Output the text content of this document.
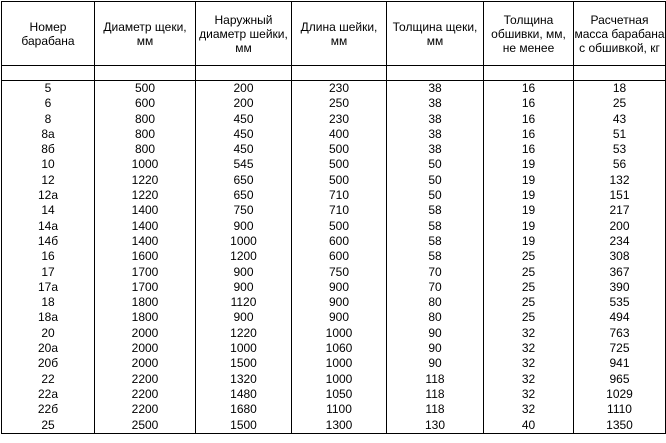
Номер барабана	Диаметр щеки, мм	Наружный диаметр шейки, мм	Длина шейки, мм	Толщина щеки, мм	Толщина обшивки, мм, не менее	Расчетная масса барабана с обшивкой, кг

5	500	200	230	38	16	18
6	600	200	250	38	16	25
8	800	450	230	38	16	43
8а	800	450	400	38	16	51
8б	800	450	500	38	16	53
10	1000	545	500	50	19	56
12	1220	650	500	50	19	132
12а	1220	650	710	50	19	151
14	1400	750	710	58	19	217
14а	1400	900	500	58	19	200
14б	1400	1000	600	58	19	234
16	1600	1200	600	58	25	308
17	1700	900	750	70	25	367
17а	1700	900	900	70	25	390
18	1800	1120	900	80	25	535
18а	1800	900	900	80	25	494
20	2000	1220	1000	90	32	763
20а	2000	1000	1060	90	32	725
20б	2000	1500	1000	90	32	941
22	2200	1320	1000	118	32	965
22а	2200	1480	1050	118	32	1029
22б	2200	1680	1100	118	32	1110
25	2500	1500	1300	130	40	1350
